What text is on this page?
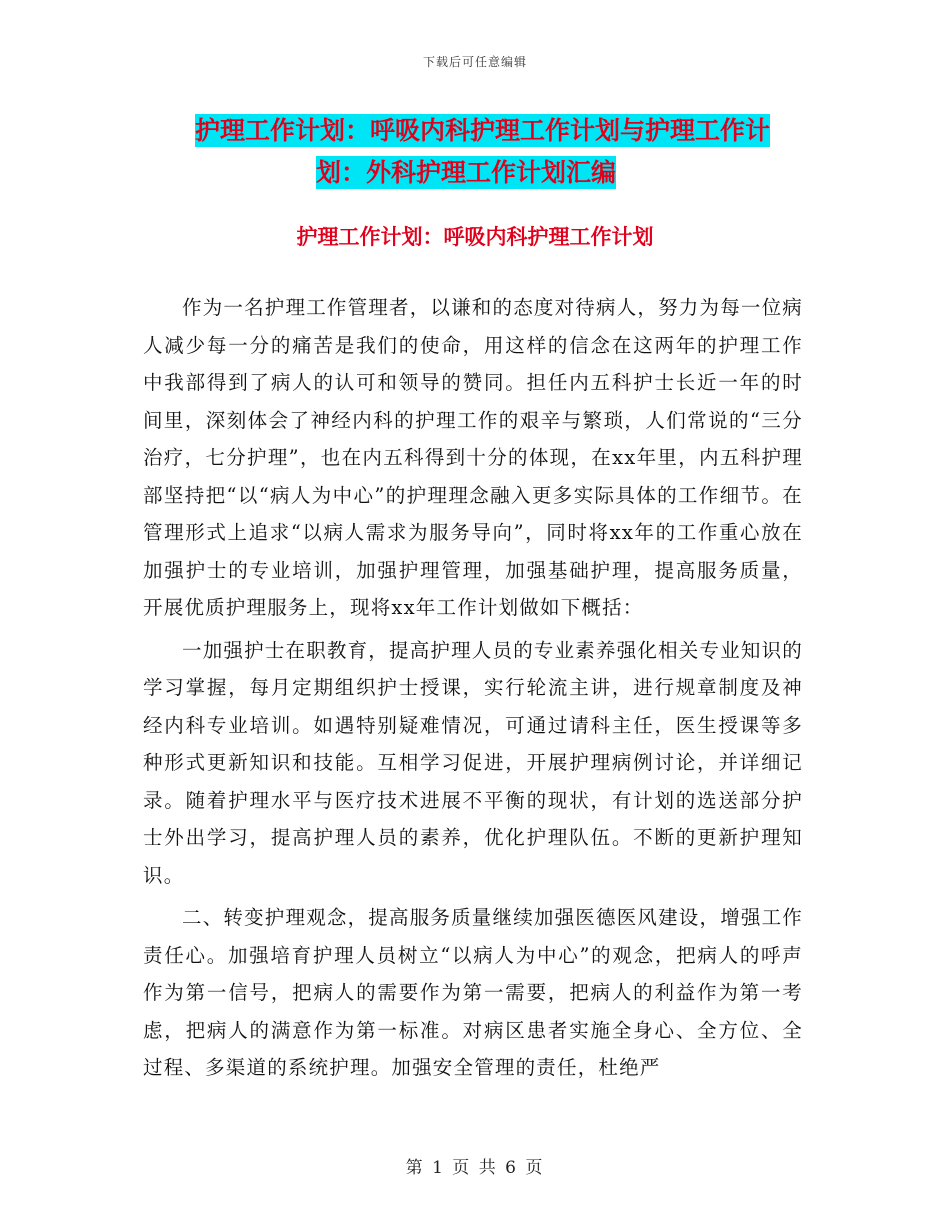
下载后可任意编辑
护理工作计划：呼吸内科护理工作计划与护理工作计
划：外科护理工作计划汇编
护理工作计划：呼吸内科护理工作计划

作为一名护理工作管理者，以谦和的态度对待病人，努力为每一位病人减少每一分的痛苦是我们的使命，用这样的信念在这两年的护理工作中我部得到了病人的认可和领导的赞同。担任内五科护士长近一年的时间里，深刻体会了神经内科的护理工作的艰辛与繁琐，人们常说的“三分治疗，七分护理”，也在内五科得到十分的体现，在xx年里，内五科护理部坚持把“以“病人为中心”的护理理念融入更多实际具体的工作细节。在管理形式上追求“以病人需求为服务导向”，同时将xx年的工作重心放在加强护士的专业培训，加强护理管理，加强基础护理，提高服务质量，开展优质护理服务上，现将xx年工作计划做如下概括：

一加强护士在职教育，提高护理人员的专业素养强化相关专业知识的学习掌握，每月定期组织护士授课，实行轮流主讲，进行规章制度及神经内科专业培训。如遇特别疑难情况，可通过请科主任，医生授课等多种形式更新知识和技能。互相学习促进，开展护理病例讨论，并详细记录。随着护理水平与医疗技术进展不平衡的现状，有计划的选送部分护士外出学习，提高护理人员的素养，优化护理队伍。不断的更新护理知识。

二、转变护理观念，提高服务质量继续加强医德医风建设，增强工作责任心。加强培育护理人员树立“以病人为中心”的观念，把病人的呼声作为第一信号，把病人的需要作为第一需要，把病人的利益作为第一考虑，把病人的满意作为第一标准。对病区患者实施全身心、全方位、全过程、多渠道的系统护理。加强安全管理的责任，杜绝严

第 1 页 共 6 页
